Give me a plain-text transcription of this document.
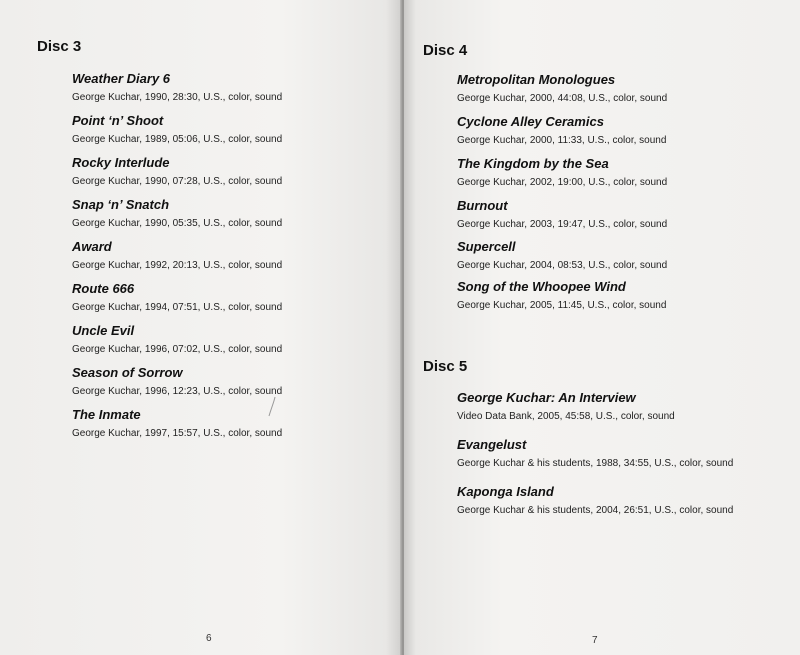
Disc 3
Weather Diary 6
George Kuchar, 1990, 28:30, U.S., color, sound
Point ‘n’ Shoot
George Kuchar, 1989, 05:06, U.S., color, sound
Rocky Interlude
George Kuchar, 1990, 07:28, U.S., color, sound
Snap ‘n’ Snatch
George Kuchar, 1990, 05:35, U.S., color, sound
Award
George Kuchar, 1992, 20:13, U.S., color, sound
Route 666
George Kuchar, 1994, 07:51, U.S., color, sound
Uncle Evil
George Kuchar, 1996, 07:02, U.S., color, sound
Season of Sorrow
George Kuchar, 1996, 12:23, U.S., color, sound
The Inmate
George Kuchar, 1997, 15:57, U.S., color, sound
6
Disc 4
Metropolitan Monologues
George Kuchar, 2000, 44:08, U.S., color, sound
Cyclone Alley Ceramics
George Kuchar, 2000, 11:33, U.S., color, sound
The Kingdom by the Sea
George Kuchar, 2002, 19:00, U.S., color, sound
Burnout
George Kuchar, 2003, 19:47, U.S., color, sound
Supercell
George Kuchar, 2004, 08:53, U.S., color, sound
Song of the Whoopee Wind
George Kuchar, 2005, 11:45, U.S., color, sound
Disc 5
George Kuchar: An Interview
Video Data Bank, 2005, 45:58, U.S., color, sound
Evangelust
George Kuchar & his students, 1988, 34:55, U.S., color, sound
Kaponga Island
George Kuchar & his students, 2004, 26:51, U.S., color, sound
7
